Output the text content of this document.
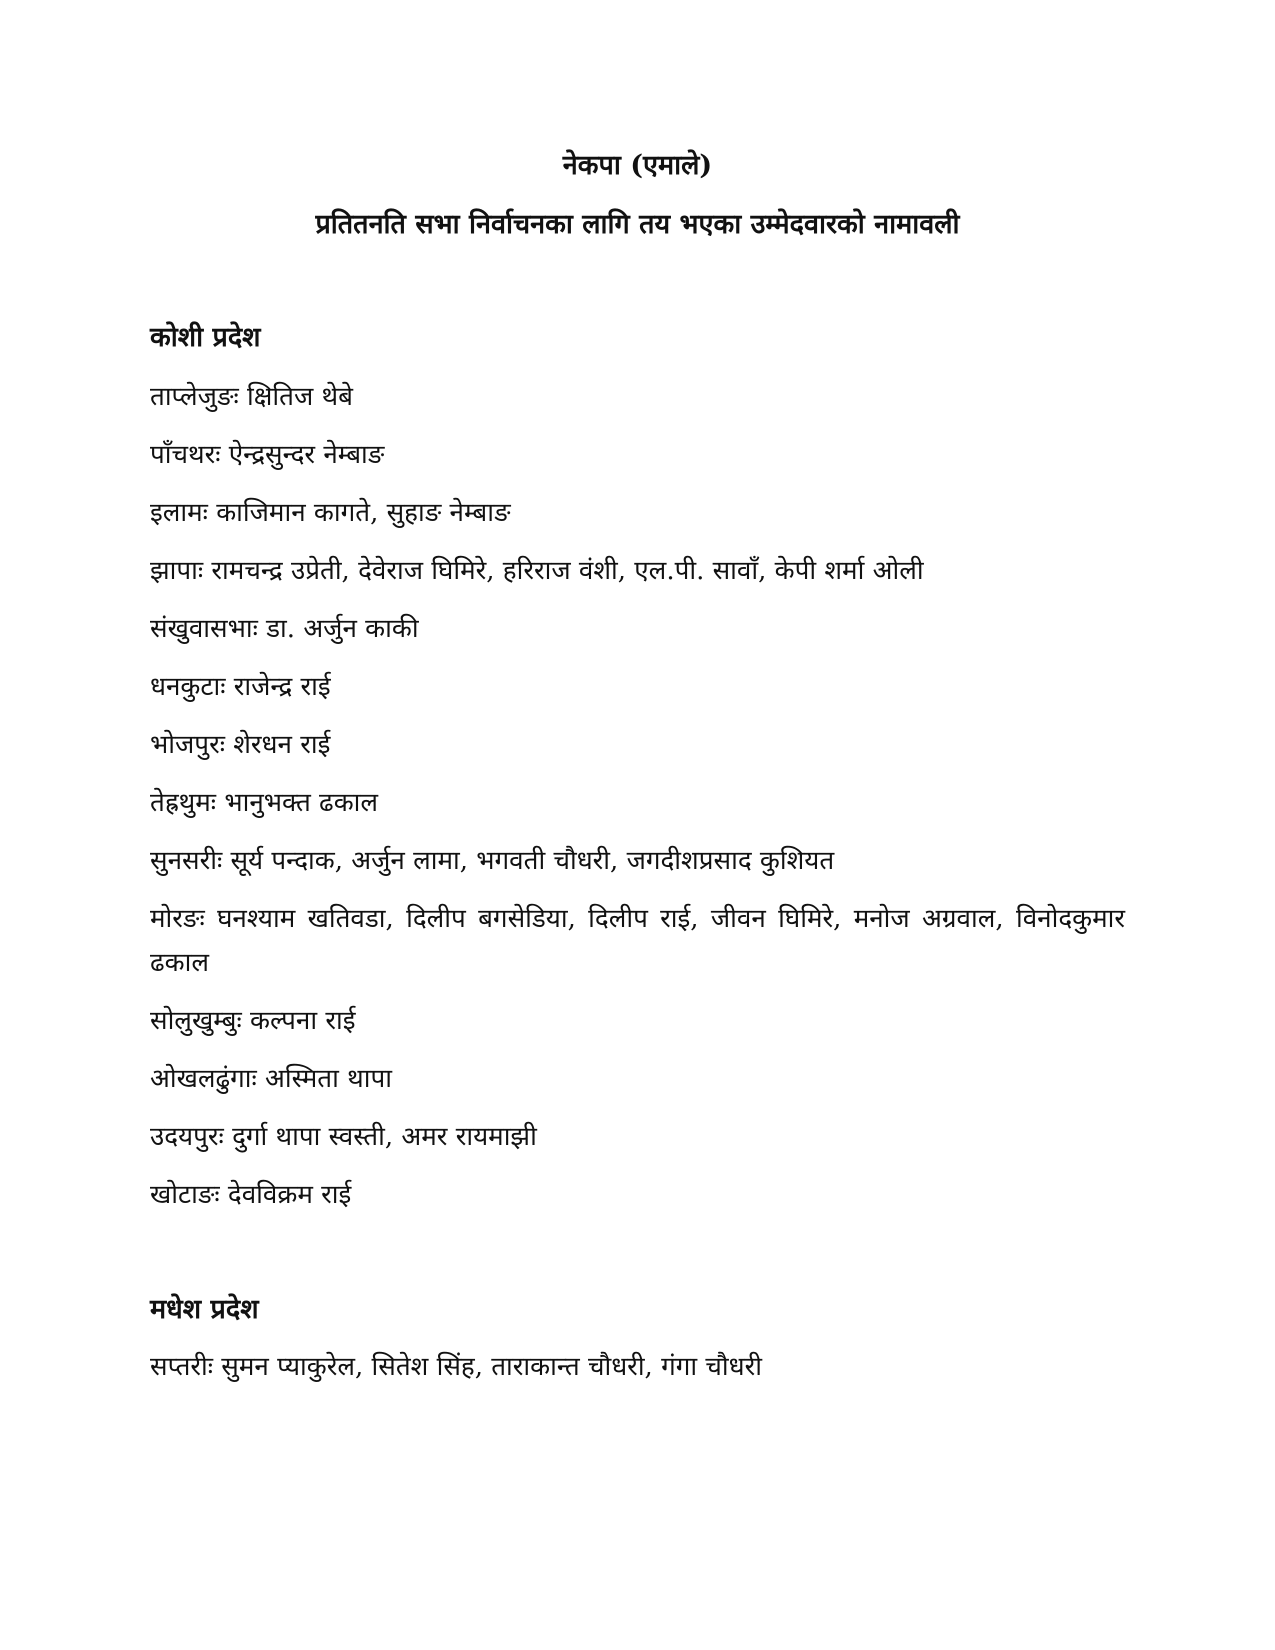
नेकपा (एमाले)
प्रतितनति सभा निर्वाचनका लागि तय भएका उम्मेदवारको नामावली
कोशी प्रदेश
ताप्लेजुङः क्षितिज थेबे
पाँचथरः ऐन्द्रसुन्दर नेम्बाङ
इलामः काजिमान कागते, सुहाङ नेम्बाङ
झापाः रामचन्द्र उप्रेती, देवेराज घिमिरे, हरिराज वंशी, एल.पी. सावाँ, केपी शर्मा ओली
संखुवासभाः डा. अर्जुन काकी
धनकुटाः राजेन्द्र राई
भोजपुरः शेरधन राई
तेह्रथुमः भानुभक्त ढकाल
सुनसरीः सूर्य पन्दाक, अर्जुन लामा, भगवती चौधरी, जगदीशप्रसाद कुशियत
मोरङः घनश्याम खतिवडा, दिलीप बगसेडिया, दिलीप राई, जीवन घिमिरे, मनोज अग्रवाल, विनोदकुमार ढकाल
सोलुखुम्बुः कल्पना राई
ओखलढुंगाः अस्मिता थापा
उदयपुरः दुर्गा थापा स्वस्ती, अमर रायमाझी
खोटाङः देवविक्रम राई
मधेश प्रदेश
सप्तरीः सुमन प्याकुरेल, सितेश सिंह, ताराकान्त चौधरी, गंगा चौधरी
